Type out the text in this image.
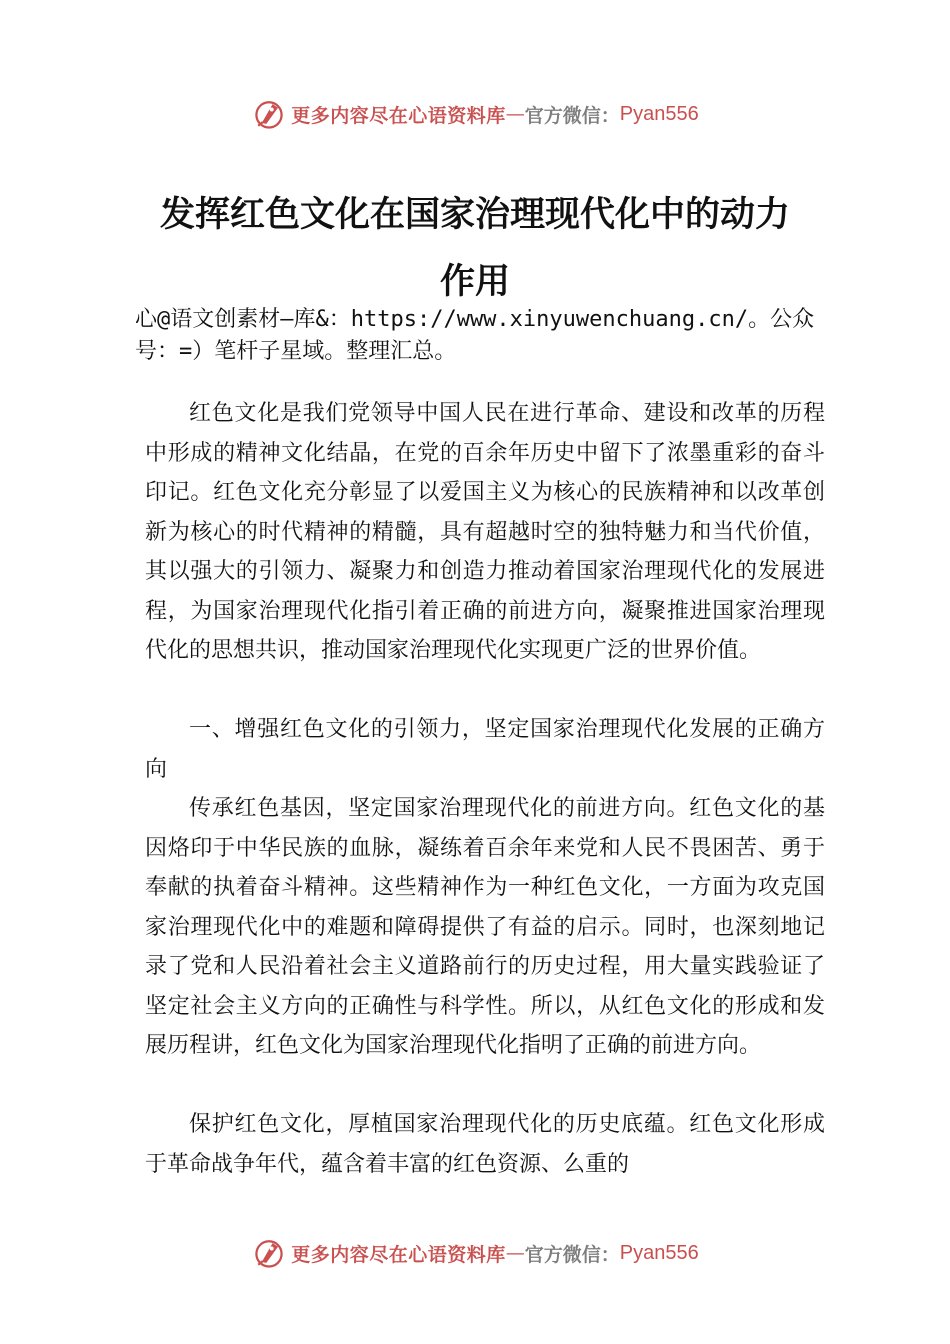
更多内容尽在心语资料库 — 官方微信： Pyan556
发挥红色文化在国家治理现代化中的动力
作用

心@语文创素材—库&：https://www.xinyuwenchuang.cn/。公众号：=）笔杆子星域。整理汇总。

红色文化是我们党领导中国人民在进行革命、建设和改革的历程中形成的精神文化结晶，在党的百余年历史中留下了浓墨重彩的奋斗印记。红色文化充分彰显了以爱国主义为核心的民族精神和以改革创新为核心的时代精神的精髓，具有超越时空的独特魅力和当代价值，其以强大的引领力、凝聚力和创造力推动着国家治理现代化的发展进程，为国家治理现代化指引着正确的前进方向，凝聚推进国家治理现代化的思想共识，推动国家治理现代化实现更广泛的世界价值。

一、增强红色文化的引领力，坚定国家治理现代化发展的正确方向

传承红色基因，坚定国家治理现代化的前进方向。红色文化的基因烙印于中华民族的血脉，凝练着百余年来党和人民不畏困苦、勇于奉献的执着奋斗精神。这些精神作为一种红色文化，一方面为攻克国家治理现代化中的难题和障碍提供了有益的启示。同时，也深刻地记录了党和人民沿着社会主义道路前行的历史过程，用大量实践验证了坚定社会主义方向的正确性与科学性。所以，从红色文化的形成和发展历程讲，红色文化为国家治理现代化指明了正确的前进方向。

保护红色文化，厚植国家治理现代化的历史底蕴。红色文化形成于革命战争年代，蕴含着丰富的红色资源、么重的

更多内容尽在心语资料库 — 官方微信： Pyan556
